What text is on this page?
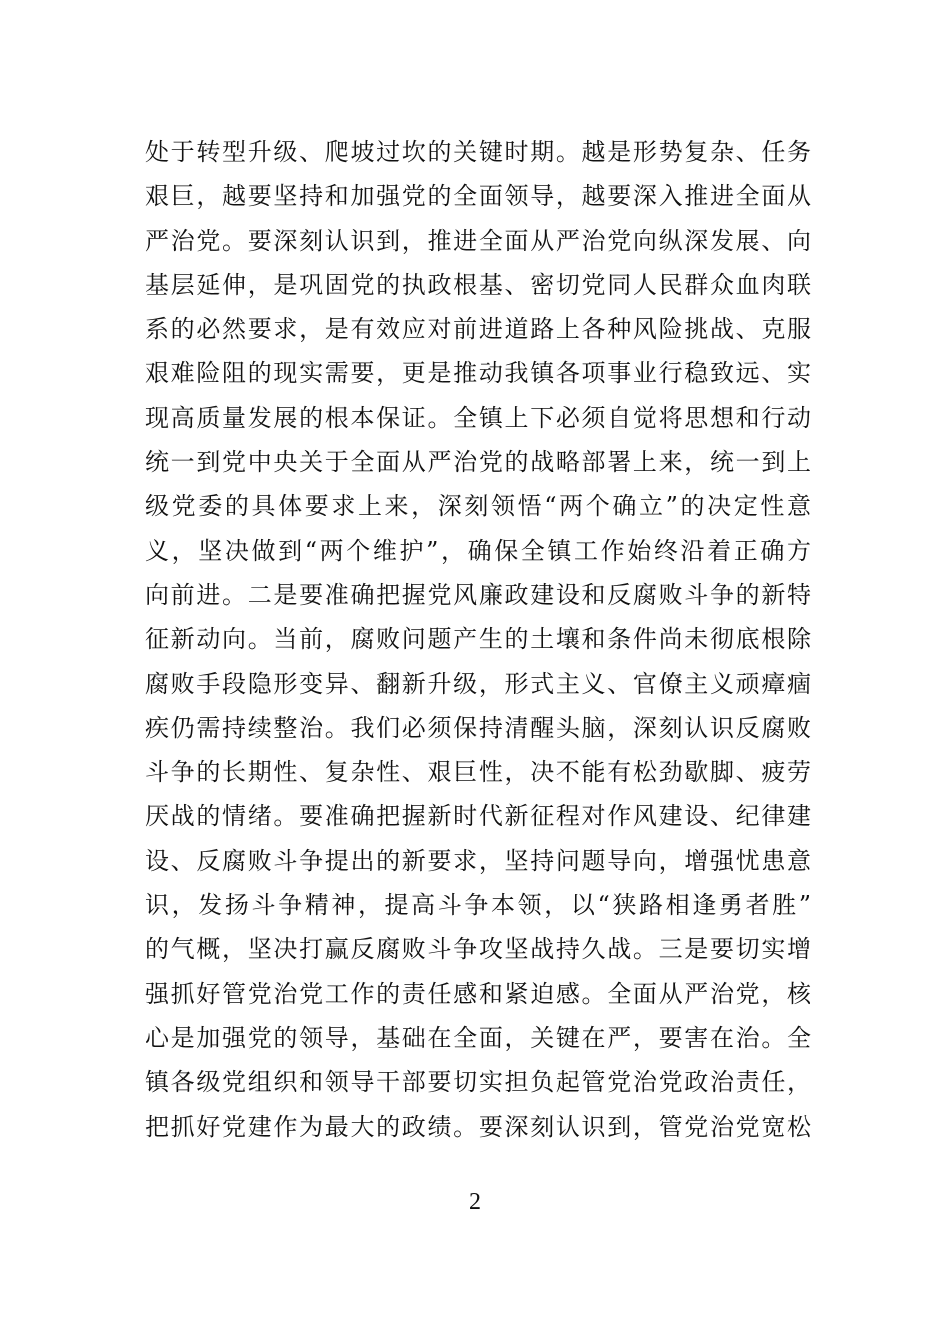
处于转型升级、爬坡过坎的关键时期。越是形势复杂、任务
艰巨，越要坚持和加强党的全面领导，越要深入推进全面从
严治党。要深刻认识到，推进全面从严治党向纵深发展、向
基层延伸，是巩固党的执政根基、密切党同人民群众血肉联
系的必然要求，是有效应对前进道路上各种风险挑战、克服
艰难险阻的现实需要，更是推动我镇各项事业行稳致远、实
现高质量发展的根本保证。全镇上下必须自觉将思想和行动
统一到党中央关于全面从严治党的战略部署上来，统一到上
级党委的具体要求上来，深刻领悟“两个确立”的决定性意
义，坚决做到“两个维护”，确保全镇工作始终沿着正确方
向前进。二是要准确把握党风廉政建设和反腐败斗争的新特
征新动向。当前，腐败问题产生的土壤和条件尚未彻底根除
腐败手段隐形变异、翻新升级，形式主义、官僚主义顽瘴痼
疾仍需持续整治。我们必须保持清醒头脑，深刻认识反腐败
斗争的长期性、复杂性、艰巨性，决不能有松劲歇脚、疲劳
厌战的情绪。要准确把握新时代新征程对作风建设、纪律建
设、反腐败斗争提出的新要求，坚持问题导向，增强忧患意
识，发扬斗争精神，提高斗争本领，以“狭路相逢勇者胜”
的气概，坚决打赢反腐败斗争攻坚战持久战。三是要切实增
强抓好管党治党工作的责任感和紧迫感。全面从严治党，核
心是加强党的领导，基础在全面，关键在严，要害在治。全
镇各级党组织和领导干部要切实担负起管党治党政治责任，
把抓好党建作为最大的政绩。要深刻认识到，管党治党宽松
2
